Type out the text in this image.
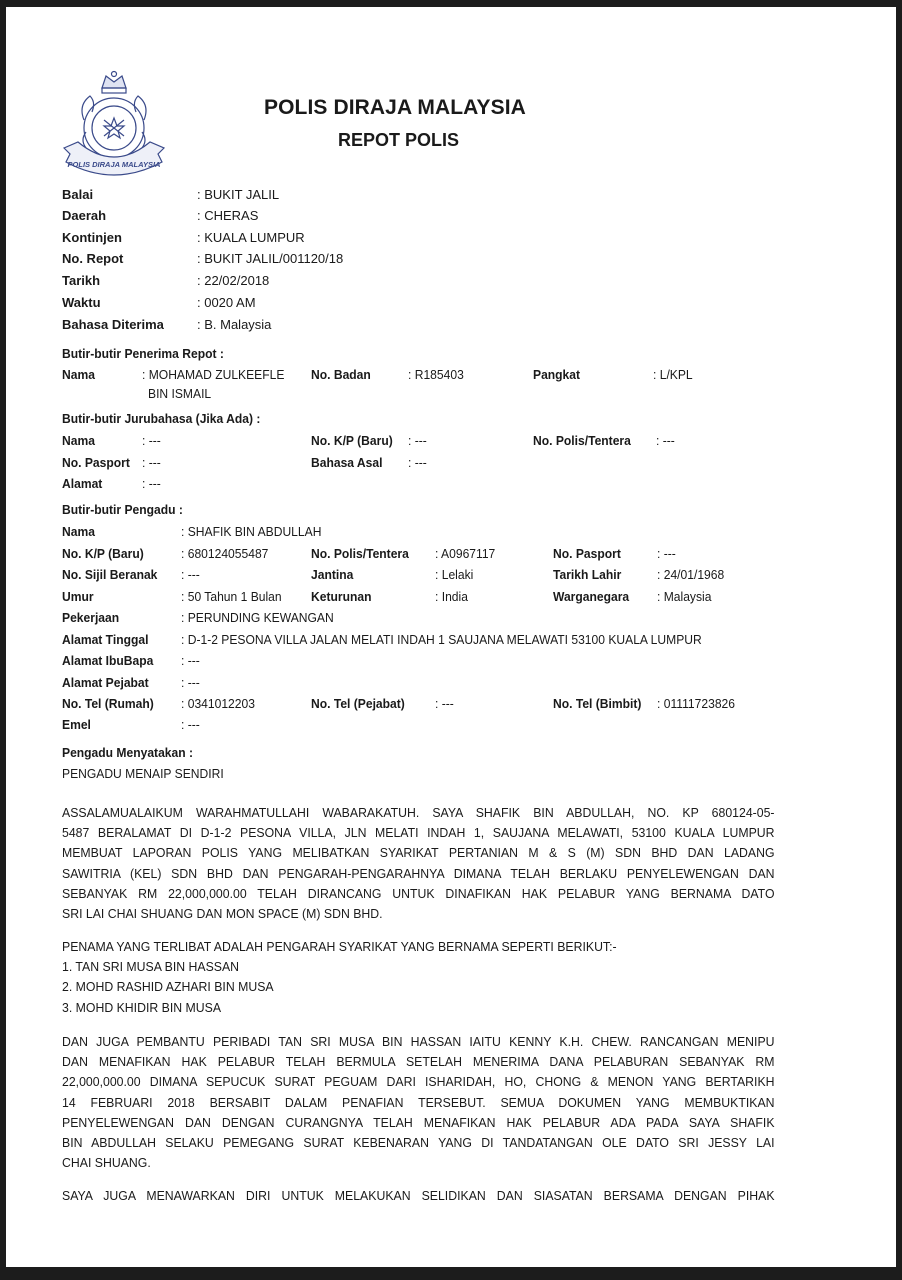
POLIS DIRAJA MALAYSIA
POLIS DIRAJA MALAYSIA
REPOT POLIS
Balai	: BUKIT JALIL
Daerah	: CHERAS
Kontinjen	: KUALA LUMPUR
No. Repot	: BUKIT JALIL/001120/18
Tarikh	: 22/02/2018
Waktu	: 0020 AM
Bahasa Diterima	: B. Malaysia
Butir-butir Penerima Repot :
Nama	: MOHAMAD ZULKEEFLE
BIN ISMAIL
No. Badan	: R185403	Pangkat	: L/KPL
Butir-butir Jurubahasa (Jika Ada) :
Nama	: ---	No. K/P (Baru) : ---	No. Polis/Tentera : ---
No. Pasport : ---	Bahasa Asal : ---
Alamat	: ---
Butir-butir Pengadu :
Nama	: SHAFIK BIN ABDULLAH
No. K/P (Baru)	: 680124055487	No. Polis/Tentera : A0967117	No. Pasport	: ---
No. Sijil Beranak : ---	Jantina	: Lelaki	Tarikh Lahir	: 24/01/1968
Umur	: 50 Tahun 1 Bulan Keturunan	: India	Warganegara : Malaysia
Pekerjaan	: PERUNDING KEWANGAN
Alamat Tinggal	: D-1-2 PESONA VILLA JALAN MELATI INDAH 1 SAUJANA MELAWATI 53100 KUALA LUMPUR
Alamat IbuBapa : ---
Alamat Pejabat : ---
No. Tel (Rumah) : 0341012203	No. Tel (Pejabat) : ---	No. Tel (Bimbit) : 01111723826
Emel	: ---
Pengadu Menyatakan :
PENGADU MENAIP SENDIRI
ASSALAMUALAIKUM WARAHMATULLAHI WABARAKATUH. SAYA SHAFIK BIN ABDULLAH, NO. KP 680124-05-
5487 BERALAMAT DI D-1-2 PESONA VILLA, JLN MELATI INDAH 1, SAUJANA MELAWATI, 53100 KUALA LUMPUR
MEMBUAT LAPORAN POLIS YANG MELIBATKAN SYARIKAT PERTANIAN M & S (M) SDN BHD DAN LADANG
SAWITRIA (KEL) SDN BHD DAN PENGARAH-PENGARAHNYA DIMANA TELAH BERLAKU PENYELEWENGAN DAN
SEBANYAK RM 22,000,000.00 TELAH DIRANCANG UNTUK DINAFIKAN HAK PELABUR YANG BERNAMA DATO
SRI LAI CHAI SHUANG DAN MON SPACE (M) SDN BHD.
PENAMA YANG TERLIBAT ADALAH PENGARAH SYARIKAT YANG BERNAMA SEPERTI BERIKUT:-
1. TAN SRI MUSA BIN HASSAN
2. MOHD RASHID AZHARI BIN MUSA
3. MOHD KHIDIR BIN MUSA
DAN JUGA PEMBANTU PERIBADI TAN SRI MUSA BIN HASSAN IAITU KENNY K.H. CHEW. RANCANGAN MENIPU
DAN MENAFIKAN HAK PELABUR TELAH BERMULA SETELAH MENERIMA DANA PELABURAN SEBANYAK RM
22,000,000.00 DIMANA SEPUCUK SURAT PEGUAM DARI ISHARIDAH, HO, CHONG & MENON YANG BERTARIKH
14 FEBRUARI 2018 BERSABIT DALAM PENAFIAN TERSEBUT. SEMUA DOKUMEN YANG MEMBUKTIKAN
PENYELEWENGAN DAN DENGAN CURANGNYA TELAH MENAFIKAN HAK PELABUR ADA PADA SAYA SHAFIK
BIN ABDULLAH SELAKU PEMEGANG SURAT KEBENARAN YANG DI TANDATANGAN OLE DATO SRI JESSY LAI
CHAI SHUANG.
SAYA JUGA MENAWARKAN DIRI UNTUK MELAKUKAN SELIDIKAN DAN SIASATAN BERSAMA DENGAN PIHAK
